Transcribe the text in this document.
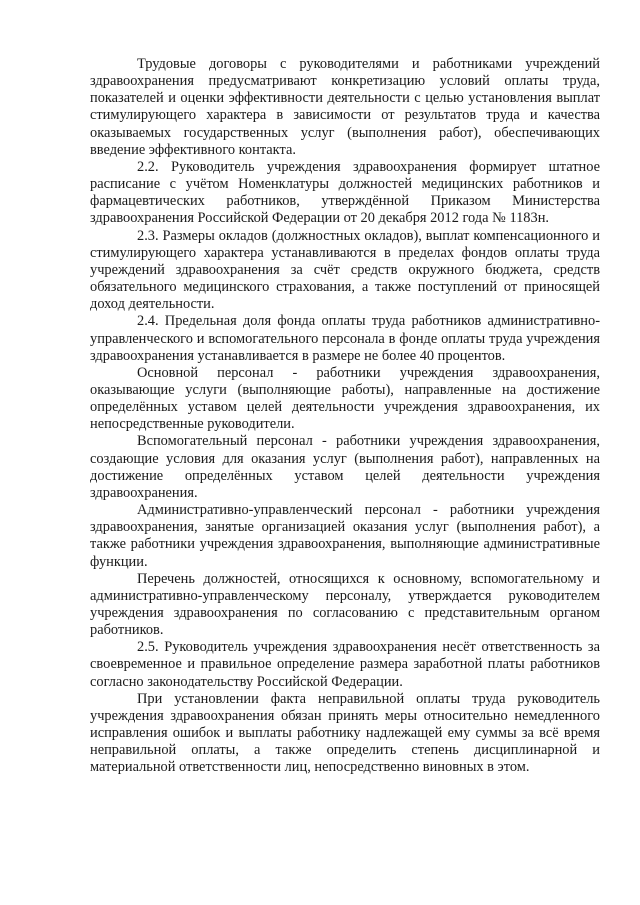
Трудовые договоры с руководителями и работниками учреждений здравоохранения предусматривают конкретизацию условий оплаты труда, показателей и оценки эффективности деятельности с целью установления выплат стимулирующего характера в зависимости от результатов труда и качества оказываемых государственных услуг (выполнения работ), обеспечивающих введение эффективного контакта.

2.2. Руководитель учреждения здравоохранения формирует штатное расписание с учётом Номенклатуры должностей медицинских работников и фармацевтических работников, утверждённой Приказом Министерства здравоохранения Российской Федерации от 20 декабря 2012 года № 1183н.

2.3. Размеры окладов (должностных окладов), выплат компенсационного и стимулирующего характера устанавливаются в пределах фондов оплаты труда учреждений здравоохранения за счёт средств окружного бюджета, средств обязательного медицинского страхования, а также поступлений от приносящей доход деятельности.

2.4. Предельная доля фонда оплаты труда работников административно-управленческого и вспомогательного персонала в фонде оплаты труда учреждения здравоохранения устанавливается в размере не более 40 процентов.

Основной персонал - работники учреждения здравоохранения, оказывающие услуги (выполняющие работы), направленные на достижение определённых уставом целей деятельности учреждения здравоохранения, их непосредственные руководители.

Вспомогательный персонал - работники учреждения здравоохранения, создающие условия для оказания услуг (выполнения работ), направленных на достижение определённых уставом целей деятельности учреждения здравоохранения.

Административно-управленческий персонал - работники учреждения здравоохранения, занятые организацией оказания услуг (выполнения работ), а также работники учреждения здравоохранения, выполняющие административные функции.

Перечень должностей, относящихся к основному, вспомогательному и административно-управленческому персоналу, утверждается руководителем учреждения здравоохранения по согласованию с представительным органом работников.

2.5. Руководитель учреждения здравоохранения несёт ответственность за своевременное и правильное определение размера заработной платы работников согласно законодательству Российской Федерации.

При установлении факта неправильной оплаты труда руководитель учреждения здравоохранения обязан принять меры относительно немедленного исправления ошибок и выплаты работнику надлежащей ему суммы за всё время неправильной оплаты, а также определить степень дисциплинарной и материальной ответственности лиц, непосредственно виновных в этом.
